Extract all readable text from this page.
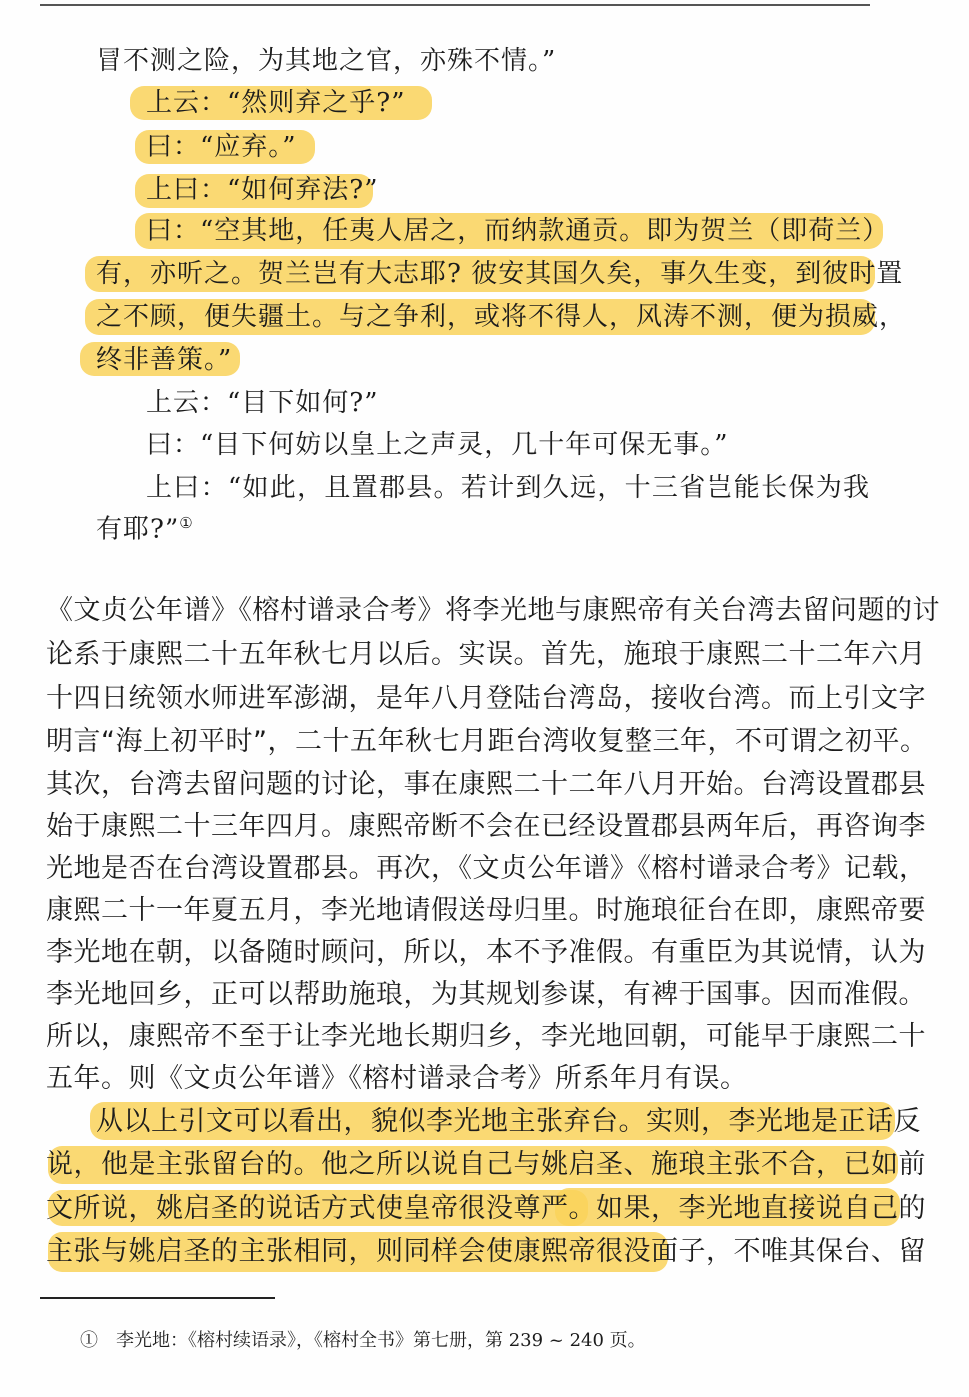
冒不测之险，为其地之官，亦殊不情。”
上云：“然则弃之乎?”
曰：“应弃。”
上曰：“如何弃法?”
曰：“空其地，任夷人居之，而纳款通贡。即为贺兰（即荷兰）
有，亦听之。贺兰岂有大志耶? 彼安其国久矣，事久生变，到彼时置
之不顾，便失疆土。与之争利，或将不得人，风涛不测，便为损威，
终非善策。”
上云：“目下如何?”
曰：“目下何妨以皇上之声灵，几十年可保无事。”
上曰：“如此，且置郡县。若计到久远，十三省岂能长保为我
有耶?”①
《文贞公年谱》《榕村谱录合考》将李光地与康熙帝有关台湾去留问题的讨
论系于康熙二十五年秋七月以后。实误。首先，施琅于康熙二十二年六月
十四日统领水师进军澎湖，是年八月登陆台湾岛，接收台湾。而上引文字
明言“海上初平时”，二十五年秋七月距台湾收复整三年，不可谓之初平。
其次，台湾去留问题的讨论，事在康熙二十二年八月开始。台湾设置郡县
始于康熙二十三年四月。康熙帝断不会在已经设置郡县两年后，再咨询李
光地是否在台湾设置郡县。再次，《文贞公年谱》《榕村谱录合考》记载，
康熙二十一年夏五月，李光地请假送母归里。时施琅征台在即，康熙帝要
李光地在朝，以备随时顾问，所以，本不予准假。有重臣为其说情，认为
李光地回乡，正可以帮助施琅，为其规划参谋，有裨于国事。因而准假。
所以，康熙帝不至于让李光地长期归乡，李光地回朝，可能早于康熙二十
五年。则《文贞公年谱》《榕村谱录合考》所系年月有误。
从以上引文可以看出，貌似李光地主张弃台。实则，李光地是正话反
说，他是主张留台的。他之所以说自己与姚启圣、施琅主张不合，已如前
文所说，姚启圣的说话方式使皇帝很没尊严。如果，李光地直接说自己的
主张与姚启圣的主张相同，则同样会使康熙帝很没面子，不唯其保台、留
①　李光地：《榕村续语录》，《榕村全书》第七册，第 239 ~ 240 页。
